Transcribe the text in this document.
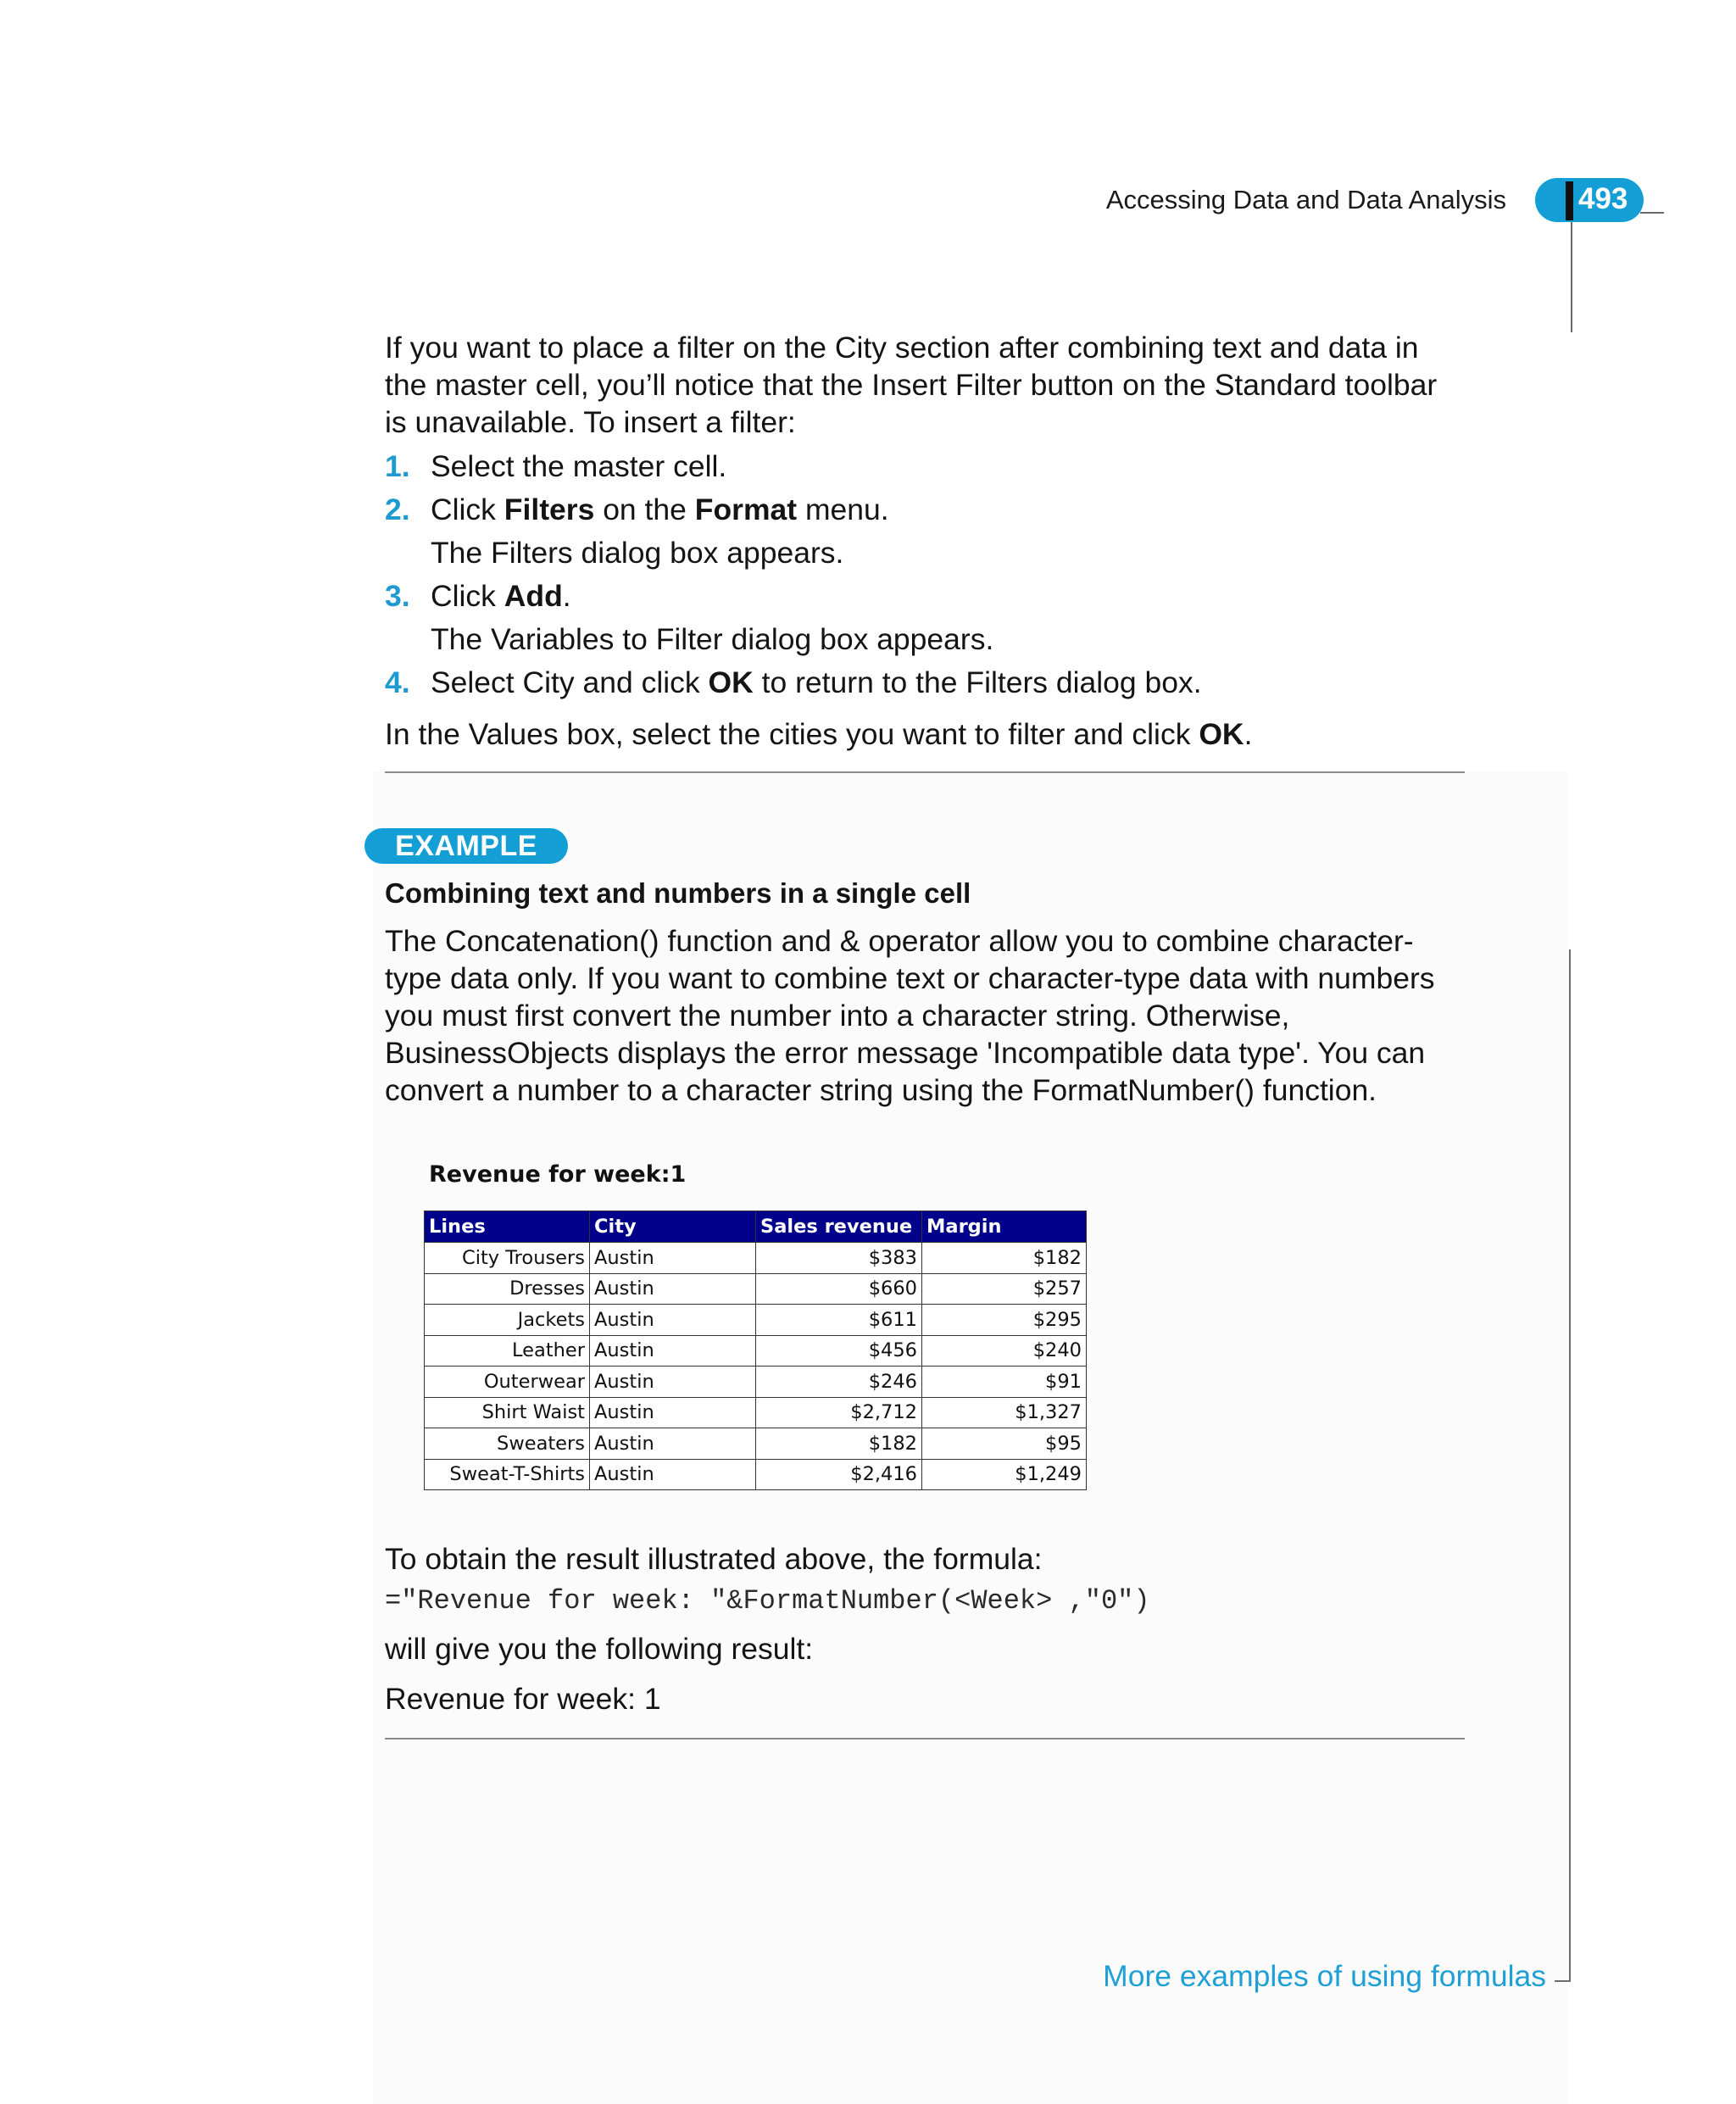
Accessing Data and Data Analysis 493
If you want to place a filter on the City section after combining text and data in the master cell, you’ll notice that the Insert Filter button on the Standard toolbar is unavailable. To insert a filter:
1. Select the master cell.
2. Click Filters on the Format menu.
The Filters dialog box appears.
3. Click Add.
The Variables to Filter dialog box appears.
4. Select City and click OK to return to the Filters dialog box.
In the Values box, select the cities you want to filter and click OK.
EXAMPLE
Combining text and numbers in a single cell
The Concatenation() function and & operator allow you to combine character-type data only. If you want to combine text or character-type data with numbers you must first convert the number into a character string. Otherwise, BusinessObjects displays the error message 'Incompatible data type'. You can convert a number to a character string using the FormatNumber() function.
Revenue for week:1
Lines	City	Sales revenue	Margin
City Trousers	Austin	$383	$182
Dresses	Austin	$660	$257
Jackets	Austin	$611	$295
Leather	Austin	$456	$240
Outerwear	Austin	$246	$91
Shirt Waist	Austin	$2,712	$1,327
Sweaters	Austin	$182	$95
Sweat-T-Shirts	Austin	$2,416	$1,249
To obtain the result illustrated above, the formula:
="Revenue for week: "&FormatNumber(<Week> ,"0")
will give you the following result:
Revenue for week: 1
More examples of using formulas
